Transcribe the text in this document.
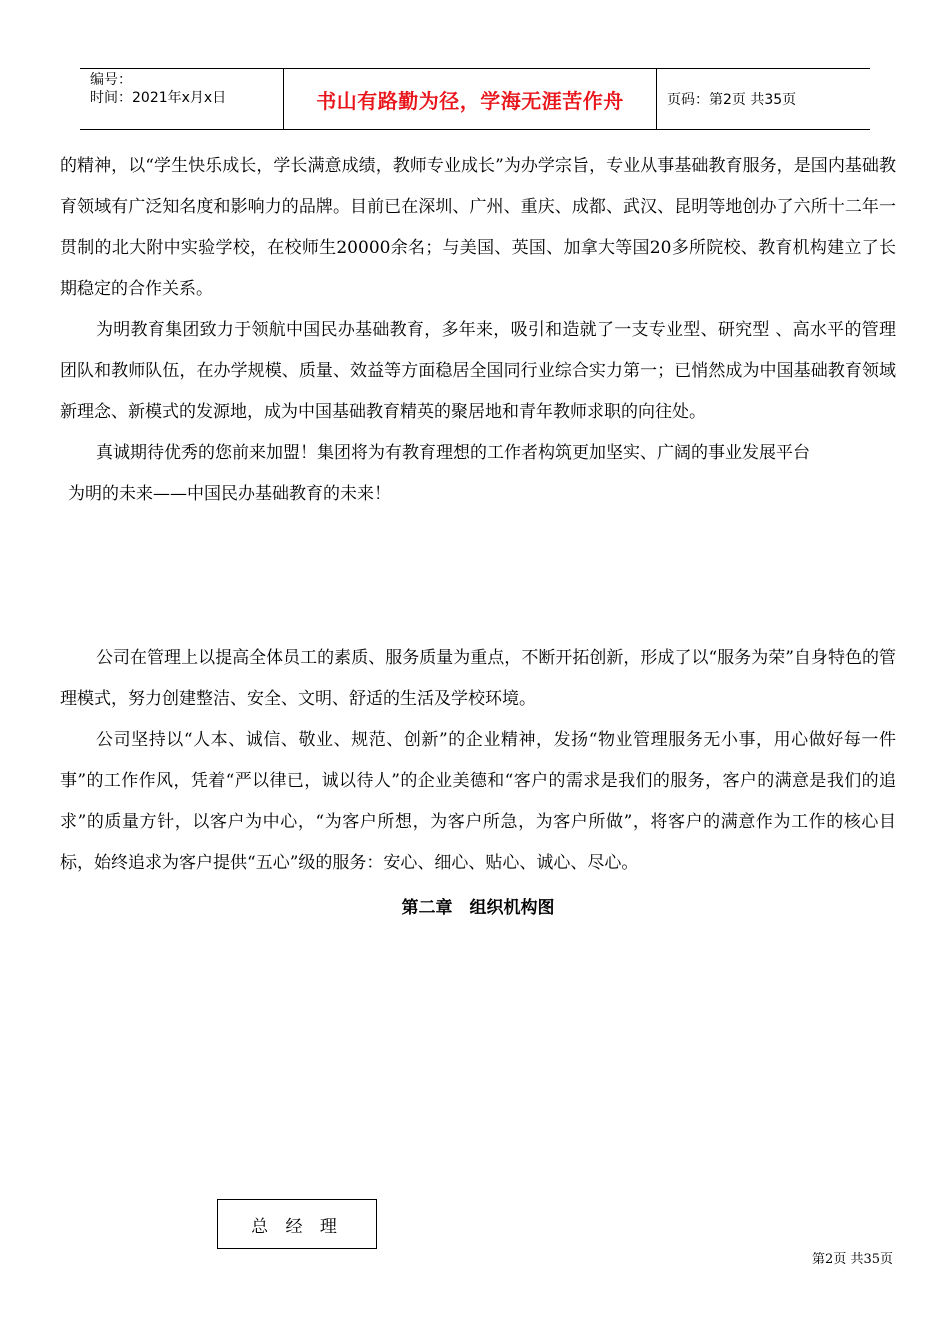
编号：
时间：2021年x月x日	书山有路勤为径，学海无涯苦作舟	页码：第2页 共35页

的精神，以“学生快乐成长，学长满意成绩，教师专业成长”为办学宗旨，专业从事基础教育服务，是国内基础教育领域有广泛知名度和影响力的品牌。目前已在深圳、广州、重庆、成都、武汉、昆明等地创办了六所十二年一贯制的北大附中实验学校，在校师生20000余名；与美国、英国、加拿大等国20多所院校、教育机构建立了长期稳定的合作关系。

为明教育集团致力于领航中国民办基础教育，多年来，吸引和造就了一支专业型、研究型 、高水平的管理团队和教师队伍，在办学规模、质量、效益等方面稳居全国同行业综合实力第一；已悄然成为中国基础教育领域新理念、新模式的发源地，成为中国基础教育精英的聚居地和青年教师求职的向往处。

真诚期待优秀的您前来加盟！集团将为有教育理想的工作者构筑更加坚实、广阔的事业发展平台

为明的未来——中国民办基础教育的未来！

公司在管理上以提高全体员工的素质、服务质量为重点，不断开拓创新，形成了以“服务为荣”自身特色的管理模式，努力创建整洁、安全、文明、舒适的生活及学校环境。

公司坚持以“人本、诚信、敬业、规范、创新”的企业精神，发扬“物业管理服务无小事，用心做好每一件事”的工作作风，凭着“严以律已，诚以待人”的企业美德和“客户的需求是我们的服务，客户的满意是我们的追求”的质量方针，以客户为中心，“为客户所想，为客户所急，为客户所做”，将客户的满意作为工作的核心目标，始终追求为客户提供“五心”级的服务：安心、细心、贴心、诚心、尽心。

第二章　组织机构图
总 经 理
第2页 共35页
